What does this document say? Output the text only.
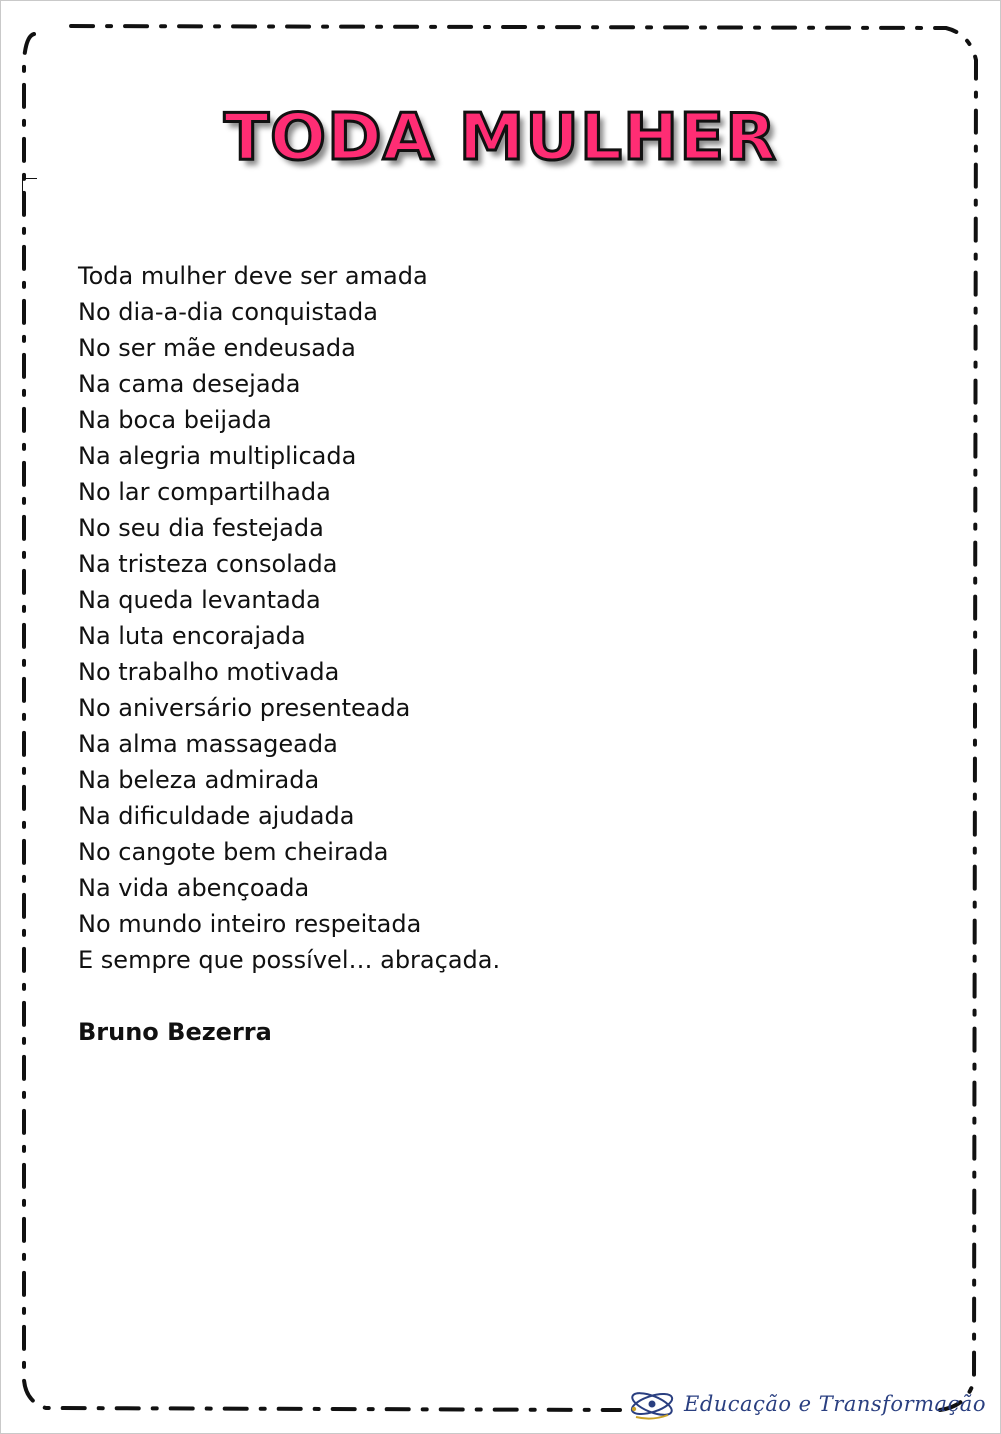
TODA MULHER
Toda mulher deve ser amada
No dia-a-dia conquistada
No ser mãe endeusada
Na cama desejada
Na boca beijada
Na alegria multiplicada
No lar compartilhada
No seu dia festejada
Na tristeza consolada
Na queda levantada
Na luta encorajada
No trabalho motivada
No aniversário presenteada
Na alma massageada
Na beleza admirada
Na dificuldade ajudada
No cangote bem cheirada
Na vida abençoada
No mundo inteiro respeitada
E sempre que possível… abraçada.
Bruno Bezerra
Educação e Transformação
